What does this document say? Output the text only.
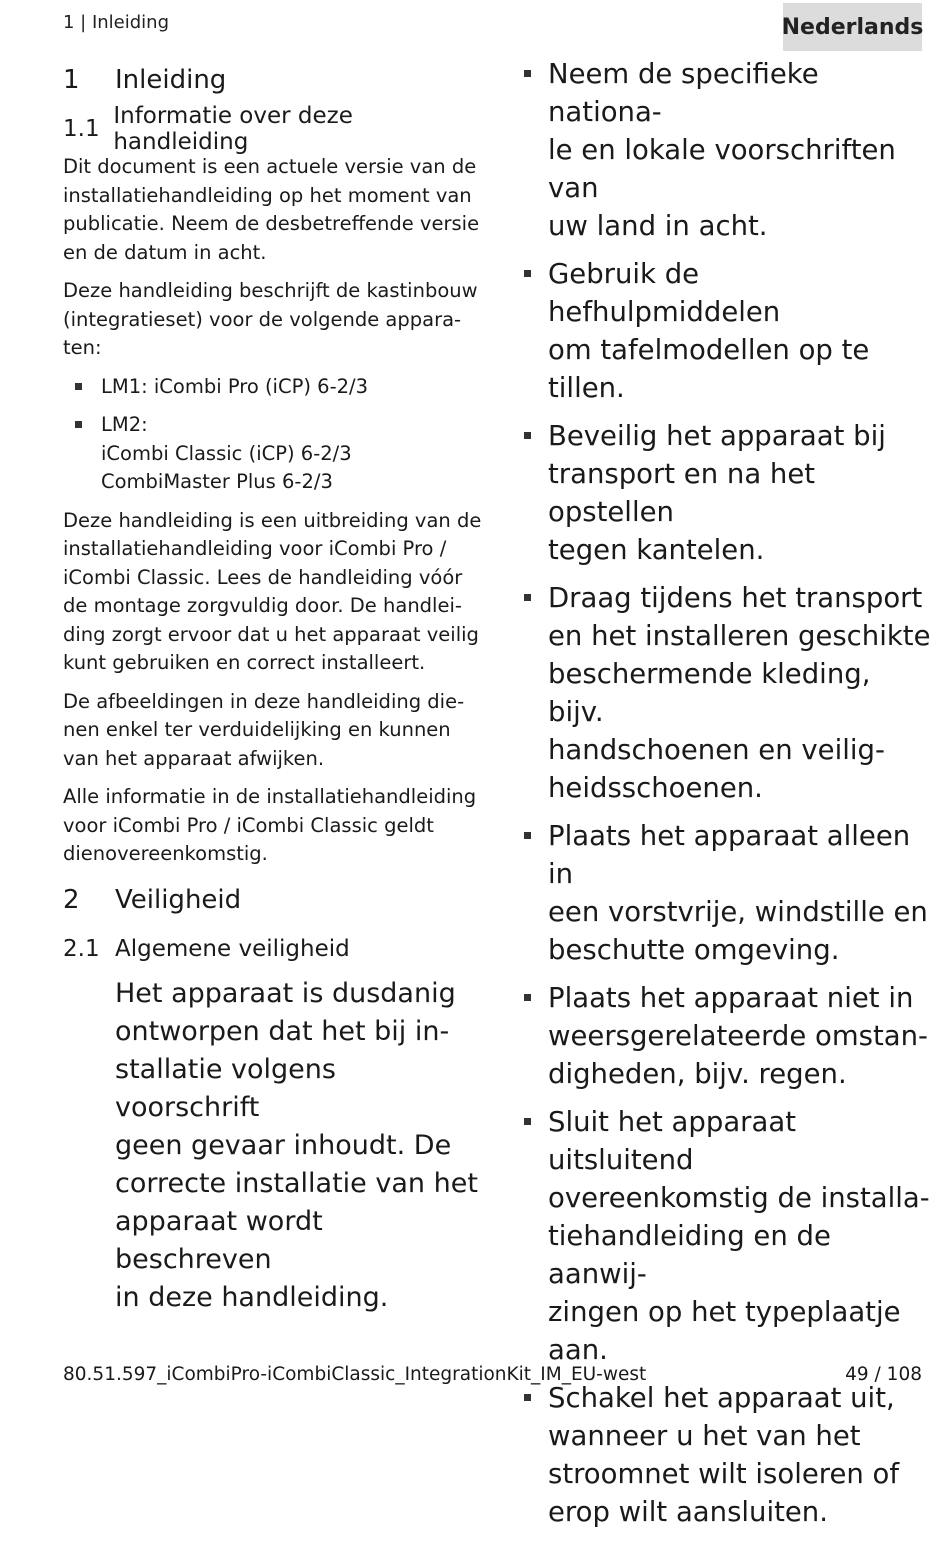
1 | Inleiding	Nederlands
1	Inleiding
1.1 Informatie over deze handleiding

Dit document is een actuele versie van de
installatiehandleiding op het moment van
publicatie. Neem de desbetreffende versie
en de datum in acht.

Deze handleiding beschrijft de kastinbouw
(integratieset) voor de volgende appara-
ten:

LM1: iCombi Pro (iCP) 6-2/3
LM2:
iCombi Classic (iCP) 6-2/3
CombiMaster Plus 6-2/3

Deze handleiding is een uitbreiding van de
installatiehandleiding voor iCombi Pro /
iCombi Classic. Lees de handleiding vóór
de montage zorgvuldig door. De handlei-
ding zorgt ervoor dat u het apparaat veilig
kunt gebruiken en correct installeert.

De afbeeldingen in deze handleiding die-
nen enkel ter verduidelijking en kunnen
van het apparaat afwijken.

Alle informatie in de installatiehandleiding
voor iCombi Pro / iCombi Classic geldt
dienovereenkomstig.

2	Veiligheid
2.1 Algemene veiligheid
Het apparaat is dusdanig
ontworpen dat het bij in-
stallatie volgens voorschrift
geen gevaar inhoudt. De
correcte installatie van het
apparaat wordt beschreven
in deze handleiding.
Neem de specifieke nationa-
le en lokale voorschriften van
uw land in acht.
Gebruik de hefhulpmiddelen
om tafelmodellen op te tillen.
Beveilig het apparaat bij
transport en na het opstellen
tegen kantelen.
Draag tijdens het transport
en het installeren geschikte
beschermende kleding, bijv.
handschoenen en veilig-
heidsschoenen.
Plaats het apparaat alleen in
een vorstvrije, windstille en
beschutte omgeving.
Plaats het apparaat niet in
weersgerelateerde omstan-
digheden, bijv. regen.
Sluit het apparaat uitsluitend
overeenkomstig de installa-
tiehandleiding en de aanwij-
zingen op het typeplaatje
aan.
Schakel het apparaat uit,
wanneer u het van het
stroomnet wilt isoleren of
erop wilt aansluiten.
80.51.597_iCombiPro-iCombiClassic_IntegrationKit_IM_EU-west	49 / 108
